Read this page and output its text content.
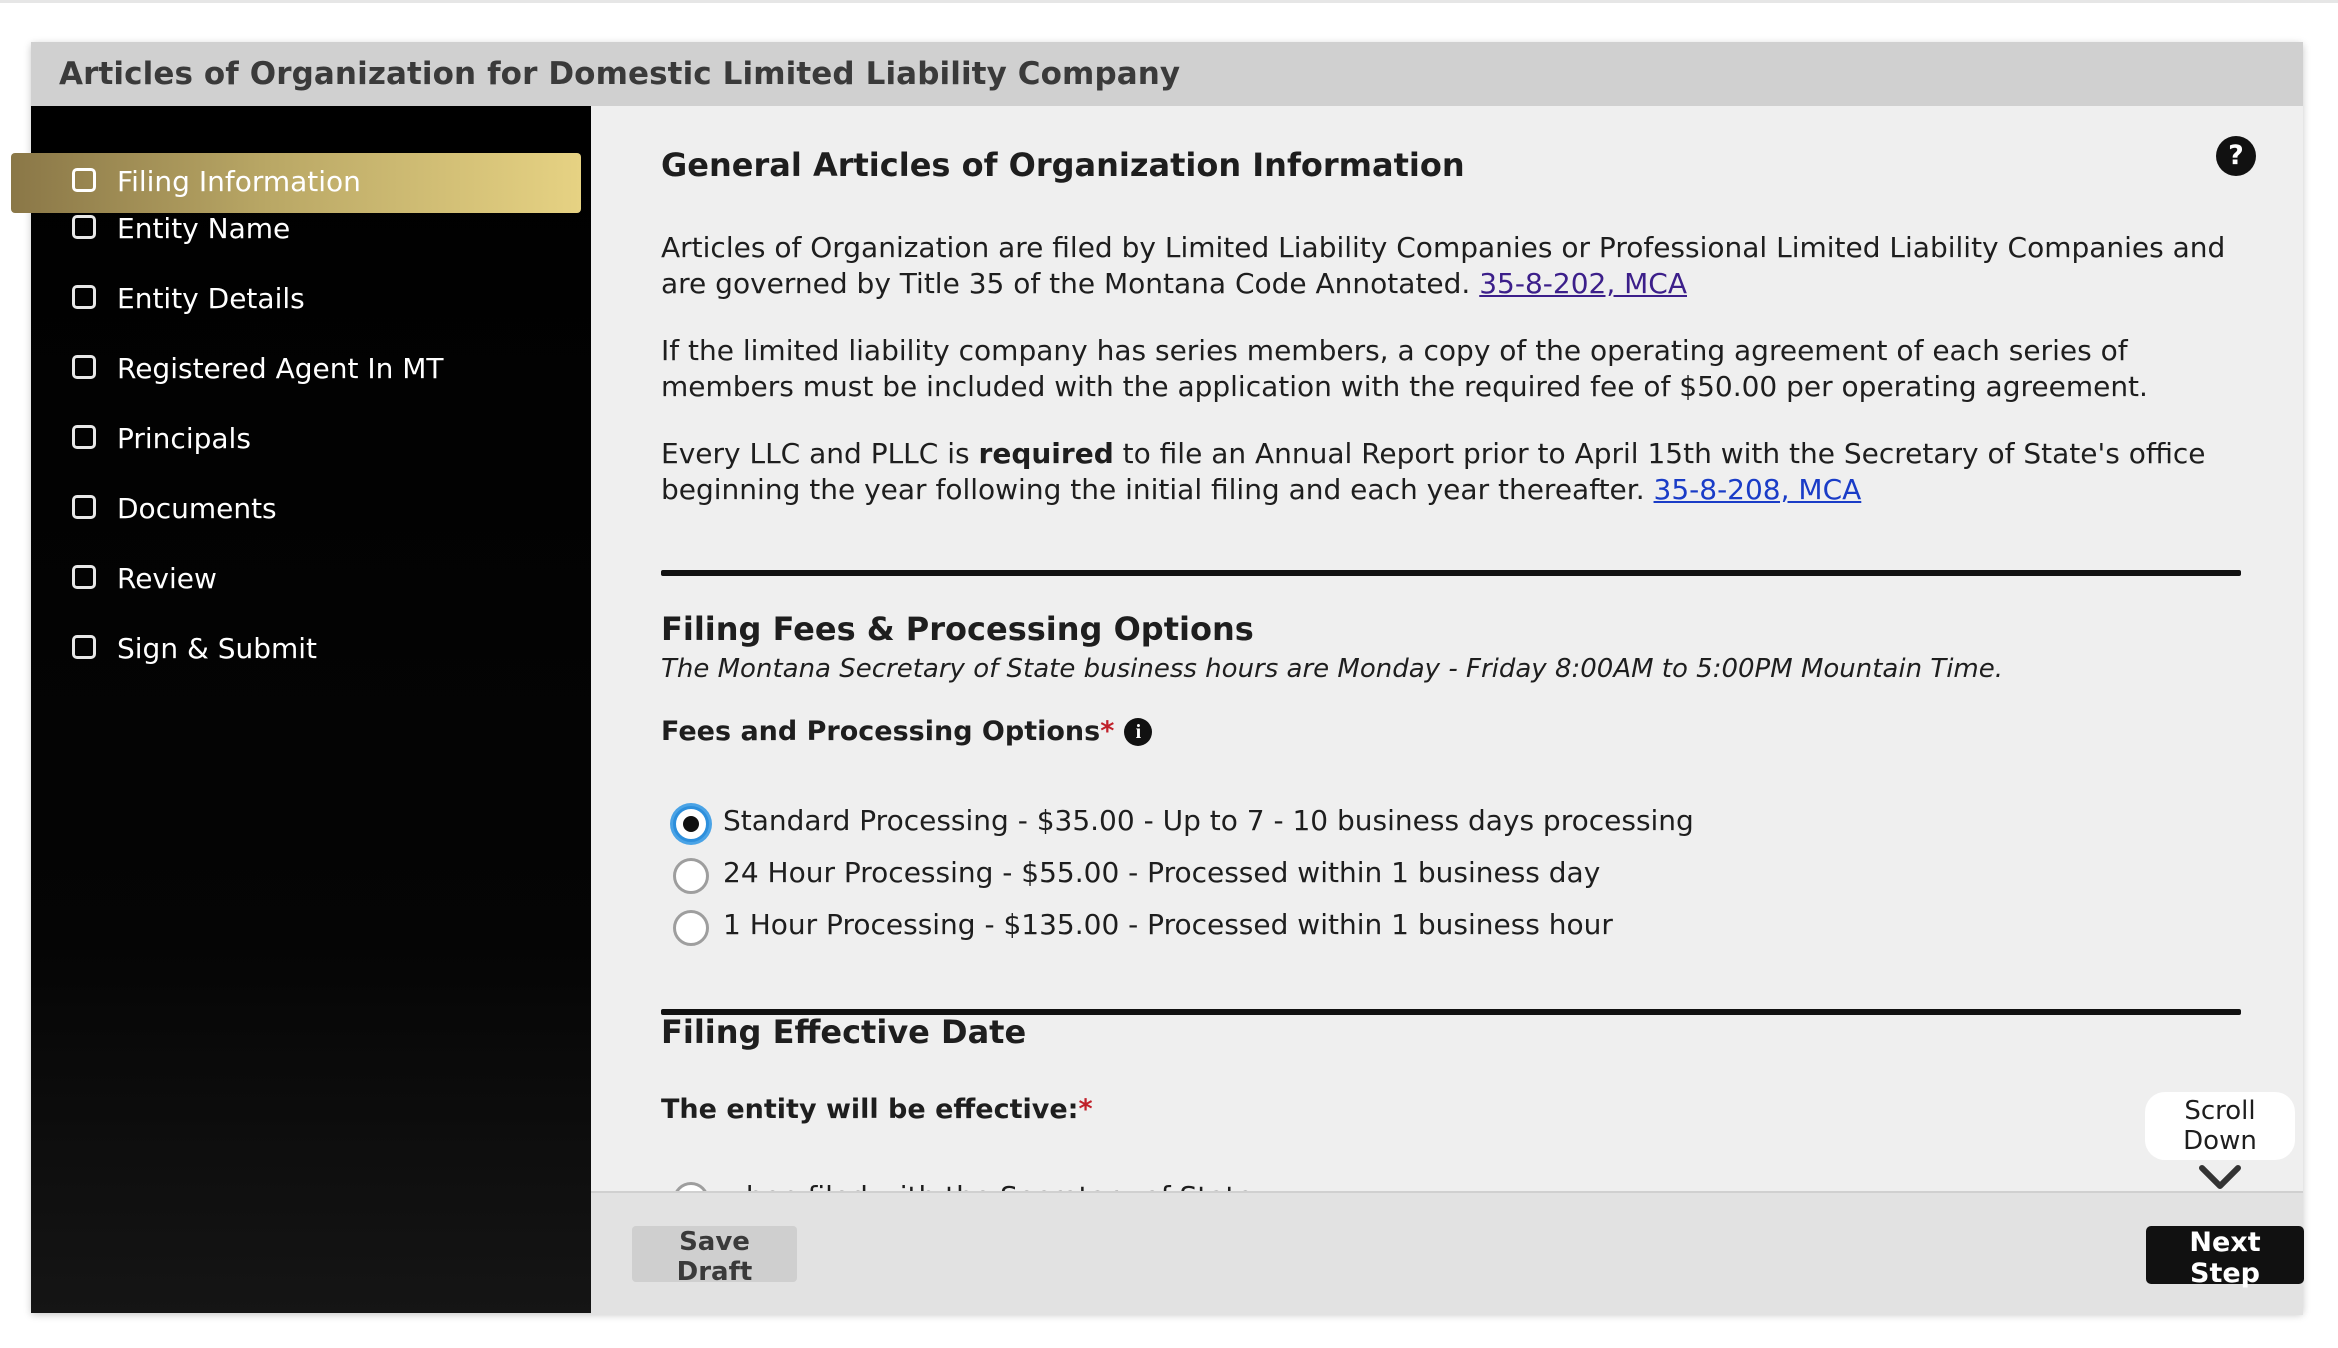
Articles of Organization for Domestic Limited Liability Company
Filing Information
Entity Name
Entity Details
Registered Agent In MT
Principals
Documents
Review
Sign & Submit
?
General Articles of Organization Information
Articles of Organization are filed by Limited Liability Companies or Professional Limited Liability Companies and are governed by Title 35 of the Montana Code Annotated. 35-8-202, MCA
If the limited liability company has series members, a copy of the operating agreement of each series of members must be included with the application with the required fee of $50.00 per operating agreement.
Every LLC and PLLC is required to file an Annual Report prior to April 15th with the Secretary of State's office beginning the year following the initial filing and each year thereafter. 35-8-208, MCA
Filing Fees & Processing Options
The Montana Secretary of State business hours are Monday - Friday 8:00AM to 5:00PM Mountain Time.
Fees and Processing Options* i
Standard Processing - $35.00 - Up to 7 - 10 business days processing
24 Hour Processing - $55.00 - Processed within 1 business day
1 Hour Processing - $135.00 - Processed within 1 business hour
Filing Effective Date
The entity will be effective:*	Scroll Down
Save Draft
Next Step
